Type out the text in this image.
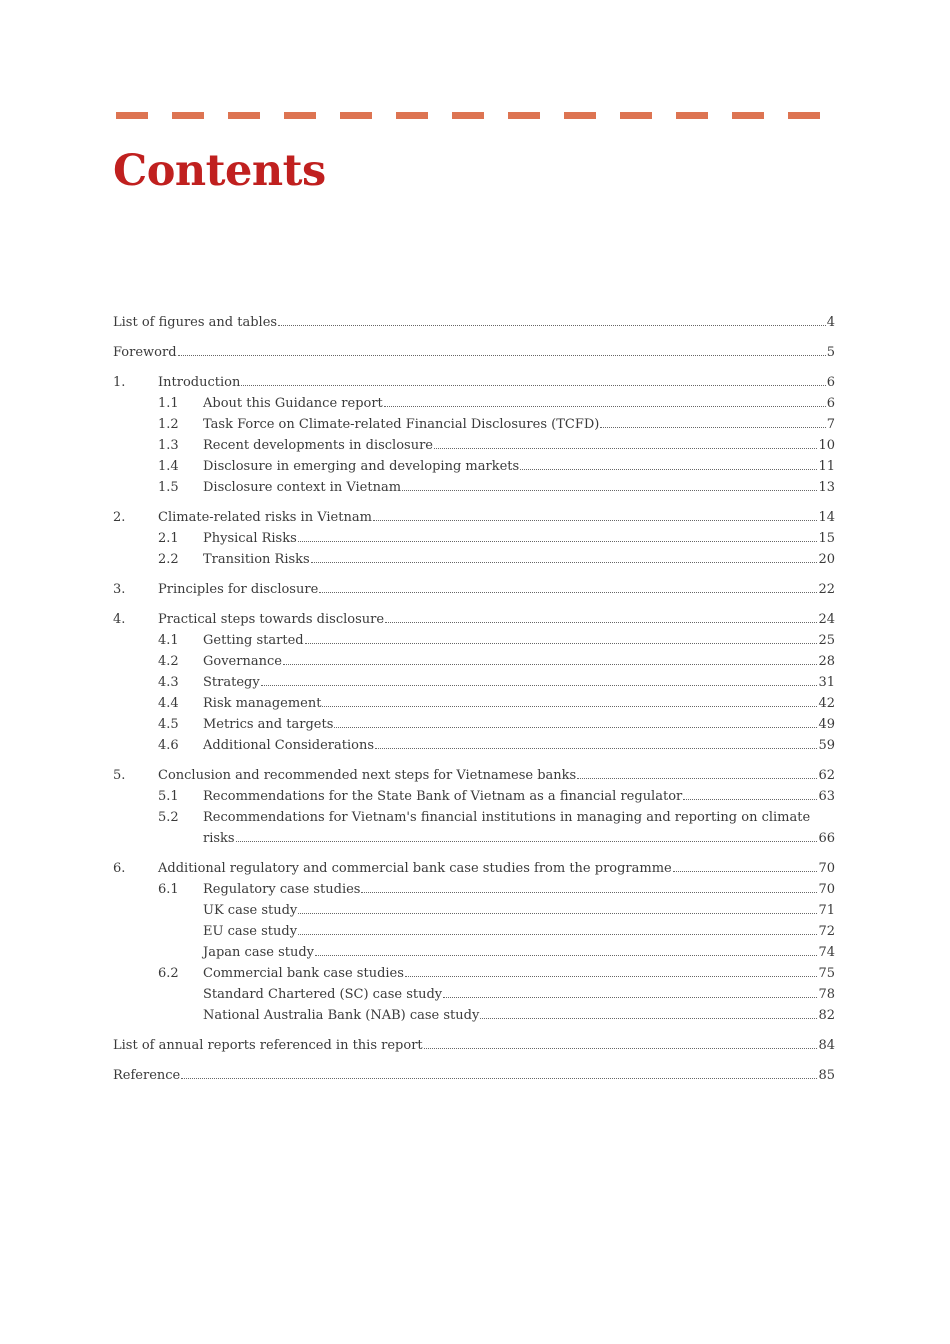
Contents
List of figures and tables	4
Foreword	5
1.	Introduction	6
1.1 About this Guidance report	6
1.2 Task Force on Climate-related Financial Disclosures (TCFD)	7
1.3 Recent developments in disclosure	10
1.4 Disclosure in emerging and developing markets	11
1.5 Disclosure context in Vietnam	13
2.	Climate-related risks in Vietnam	14
2.1 Physical Risks	15
2.2 Transition Risks	20
3.	Principles for disclosure	22
4.	Practical steps towards disclosure	24
4.1 Getting started	25
4.2 Governance	28
4.3 Strategy	31
4.4 Risk management	42
4.5 Metrics and targets	49
4.6 Additional Considerations	59
5.	Conclusion and recommended next steps for Vietnamese banks	62
5.1 Recommendations for the State Bank of Vietnam as a financial regulator	63
5.2 Recommendations for Vietnam's financial institutions in managing and reporting on climate
risks	66
6.	Additional regulatory and commercial bank case studies from the programme	70
6.1 Regulatory case studies	70
UK case study	71
EU case study	72
Japan case study	74
6.2 Commercial bank case studies	75
Standard Chartered (SC) case study	78
National Australia Bank (NAB) case study	82
List of annual reports referenced in this report	84
Reference	85
